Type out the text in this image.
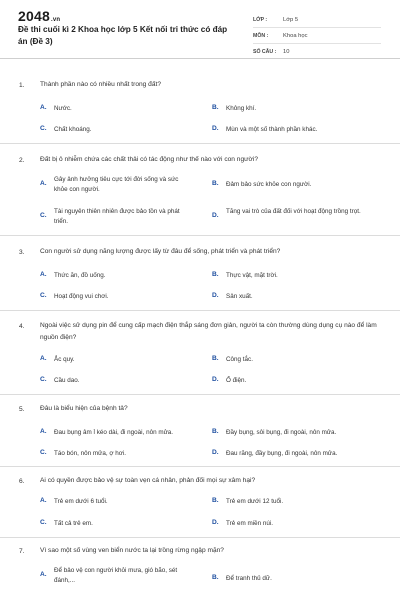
2048.vn
Đề thi cuối kì 2 Khoa học lớp 5 Kết nối tri thức có đáp án (Đề 3)
LỚP :	Lớp 5
MÔN :	Khoa học
SỐ CÂU :	10
1. Thành phần nào có nhiều nhất trong đất?
A.	Nước.	B.	Không khí.
C.	Chất khoáng.	D.	Mùn và một số thành phần khác.
2. Đất bị ô nhiễm chứa các chất thải có tác động như thế nào với con người?
A.
Gây ảnh hưởng tiêu cực tới đời sống và sức khỏe con người.
B.	Đảm bảo sức khỏe con người.
C.
Tài nguyên thiên nhiên được bảo tồn và phát triển.
D.
Tăng vai trò của đất đối với hoạt động trồng trọt.
3. Con người sử dụng năng lượng được lấy từ đâu để sống, phát triển và phát triển?
A.	Thức ăn, đồ uống.	B.	Thực vật, mặt trời.
C.	Hoạt động vui chơi.	D.	Sản xuất.
4. Ngoài việc sử dụng pin để cung cấp mạch điện thắp sáng đơn giản, người ta còn thường dùng dụng cụ nào để làm nguồn điện?
A.	Ắc quy.	B.	Công tắc.
C.	Cầu dao.	D.	Ổ điện.
5. Đâu là biểu hiện của bệnh tả?
A.	Đau bụng âm ỉ kéo dài, đi ngoài, nôn mửa.	B.	Đầy bụng, sôi bụng, đi ngoài, nôn mửa.
C.	Táo bón, nôn mửa, ợ hơi.	D.	Đau răng, đầy bụng, đi ngoài, nôn mửa.
6. Ai có quyền được bảo vệ sự toàn vẹn cá nhân, phản đối mọi sự xâm hại?
A.	Trẻ em dưới 6 tuổi.	B.	Trẻ em dưới 12 tuổi.
C.	Tất cả trẻ em.	D.	Trẻ em miền núi.
7. Vì sao một số vùng ven biển nước ta lại trồng rừng ngập mặn?
A.
Để bảo vệ con người khỏi mưa, gió bão, sét đánh,...	B.	Để tranh thủ dữ.
